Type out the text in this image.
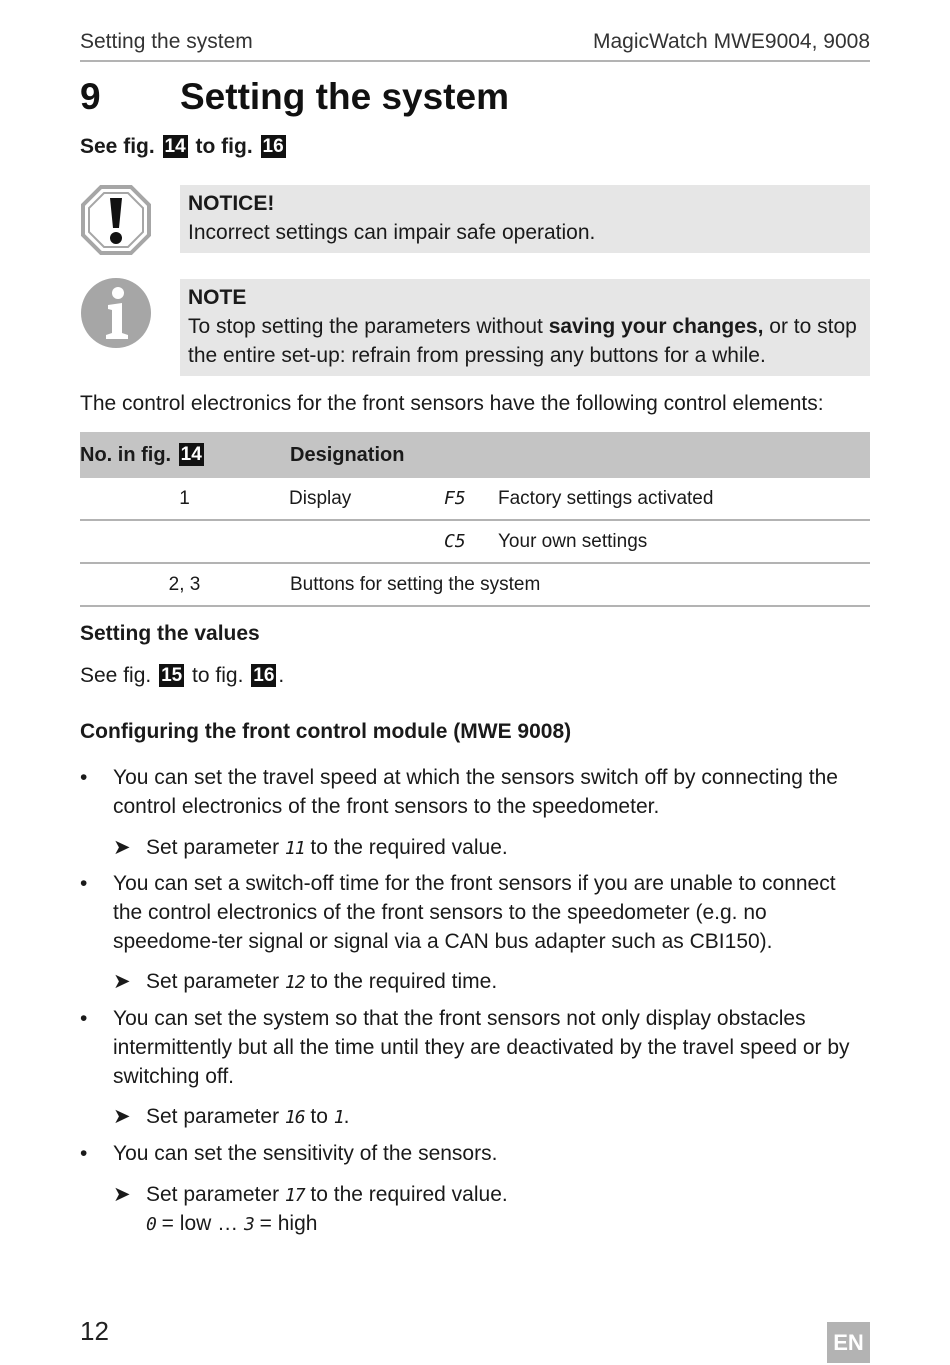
Setting the system	MagicWatch MWE9004, 9008
9 Setting the system
See fig. 14 to fig. 16
NOTICE!
Incorrect settings can impair safe operation.
NOTE
To stop setting the parameters without saving your changes, or to stop the entire set-up: refrain from pressing any buttons for a while.
The control electronics for the front sensors have the following control elements:
No. in fig. 14	Designation		
1	Display	F5	Factory settings activated
		C5	Your own settings
2, 3	Buttons for setting the system		
Setting the values
See fig. 15 to fig. 16 .
Configuring the front control module (MWE 9008)
• You can set the travel speed at which the sensors switch off by connecting the control electronics of the front sensors to the speedometer.
➤ Set parameter 11 to the required value.
• You can set a switch-off time for the front sensors if you are unable to connect the control electronics of the front sensors to the speedometer (e.g. no speedome-ter signal or signal via a CAN bus adapter such as CBI150).
➤ Set parameter 12 to the required time.
• You can set the system so that the front sensors not only display obstacles intermittently but all the time until they are deactivated by the travel speed or by switching off.
➤ Set parameter 16 to 1.
• You can set the sensitivity of the sensors.
➤ Set parameter 17 to the required value.
0 = low … 3 = high
12	EN
